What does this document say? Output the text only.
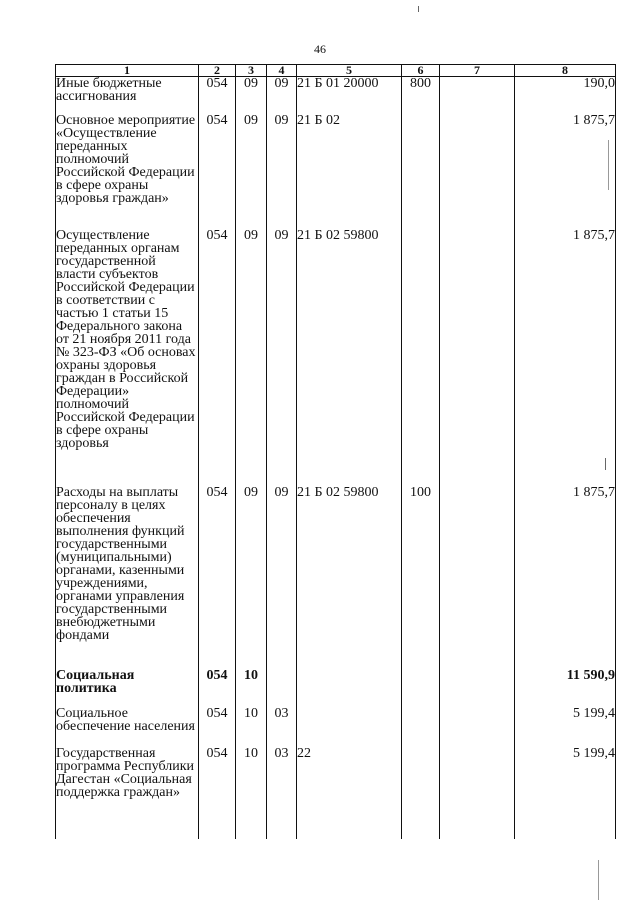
46
1	2	3	4	5	6	7	8
Иные бюджетные ассигнования	054	09	09	21 Б 01 20000	800		190,0
Основное мероприятие «Осуществление переданных полномочий Российской Федерации в сфере охраны здоровья граждан»	054	09	09	21 Б 02			1 875,7
Осуществление переданных органам государственной власти субъектов Российской Федерации в соответствии с частью 1 статьи 15 Федерального закона от 21 ноября 2011 года № 323-ФЗ «Об основах охраны здоровья граждан в Российской Федерации» полномочий Российской Федерации в сфере охраны здоровья	054	09	09	21 Б 02 59800			1 875,7
Расходы на выплаты персоналу в целях обеспечения выполнения функций государственными (муниципальными) органами, казенными учреждениями, органами управления государственными внебюджетными фондами	054	09	09	21 Б 02 59800	100		1 875,7
Социальная политика	054	10					11 590,9
Социальное обеспечение населения	054	10	03				5 199,4
Государственная программа Республики Дагестан «Социальная поддержка граждан»	054	10	03	22			5 199,4
